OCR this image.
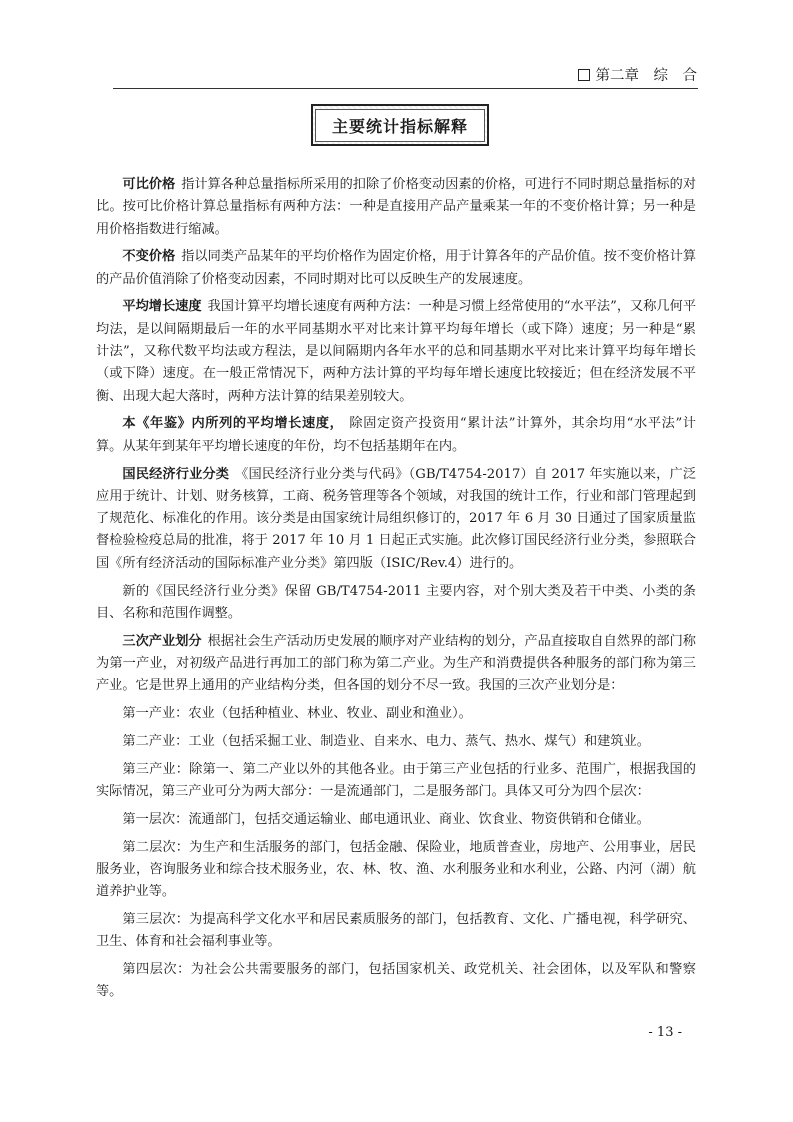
第二章　综　合
主要统计指标解释

可比价格 指计算各种总量指标所采用的扣除了价格变动因素的价格，可进行不同时期总量指标的对比。按可比价格计算总量指标有两种方法：一种是直接用产品产量乘某一年的不变价格计算；另一种是用价格指数进行缩减。

不变价格 指以同类产品某年的平均价格作为固定价格，用于计算各年的产品价值。按不变价格计算的产品价值消除了价格变动因素，不同时期对比可以反映生产的发展速度。

平均增长速度 我国计算平均增长速度有两种方法：一种是习惯上经常使用的“水平法”，又称几何平均法，是以间隔期最后一年的水平同基期水平对比来计算平均每年增长（或下降）速度；另一种是“累计法”，又称代数平均法或方程法，是以间隔期内各年水平的总和同基期水平对比来计算平均每年增长（或下降）速度。在一般正常情况下，两种方法计算的平均每年增长速度比较接近；但在经济发展不平衡、出现大起大落时，两种方法计算的结果差别较大。

本《年鉴》内所列的平均增长速度， 除固定资产投资用“累计法”计算外，其余均用“水平法”计算。从某年到某年平均增长速度的年份，均不包括基期年在内。

国民经济行业分类 《国民经济行业分类与代码》（GB/T4754-2017）自 2017 年实施以来，广泛应用于统计、计划、财务核算，工商、税务管理等各个领域，对我国的统计工作，行业和部门管理起到了规范化、标准化的作用。该分类是由国家统计局组织修订的，2017 年 6 月 30 日通过了国家质量监督检验检疫总局的批准，将于 2017 年 10 月 1 日起正式实施。此次修订国民经济行业分类，参照联合国《所有经济活动的国际标准产业分类》第四版（ISIC/Rev.4）进行的。

新的《国民经济行业分类》保留 GB/T4754-2011 主要内容，对个别大类及若干中类、小类的条目、名称和范围作调整。

三次产业划分 根据社会生产活动历史发展的顺序对产业结构的划分，产品直接取自自然界的部门称为第一产业，对初级产品进行再加工的部门称为第二产业。为生产和消费提供各种服务的部门称为第三产业。它是世界上通用的产业结构分类，但各国的划分不尽一致。我国的三次产业划分是：

第一产业：农业（包括种植业、林业、牧业、副业和渔业）。

第二产业：工业（包括采掘工业、制造业、自来水、电力、蒸气、热水、煤气）和建筑业。

第三产业：除第一、第二产业以外的其他各业。由于第三产业包括的行业多、范围广，根据我国的实际情况，第三产业可分为两大部分：一是流通部门，二是服务部门。具体又可分为四个层次：

第一层次：流通部门，包括交通运输业、邮电通讯业、商业、饮食业、物资供销和仓储业。

第二层次：为生产和生活服务的部门，包括金融、保险业，地质普查业，房地产、公用事业，居民服务业，咨询服务业和综合技术服务业，农、林、牧、渔、水利服务业和水利业，公路、内河（湖）航道养护业等。

第三层次：为提高科学文化水平和居民素质服务的部门，包括教育、文化、广播电视，科学研究、卫生、体育和社会福利事业等。

第四层次：为社会公共需要服务的部门，包括国家机关、政党机关、社会团体，以及军队和警察等。

- 13 -
